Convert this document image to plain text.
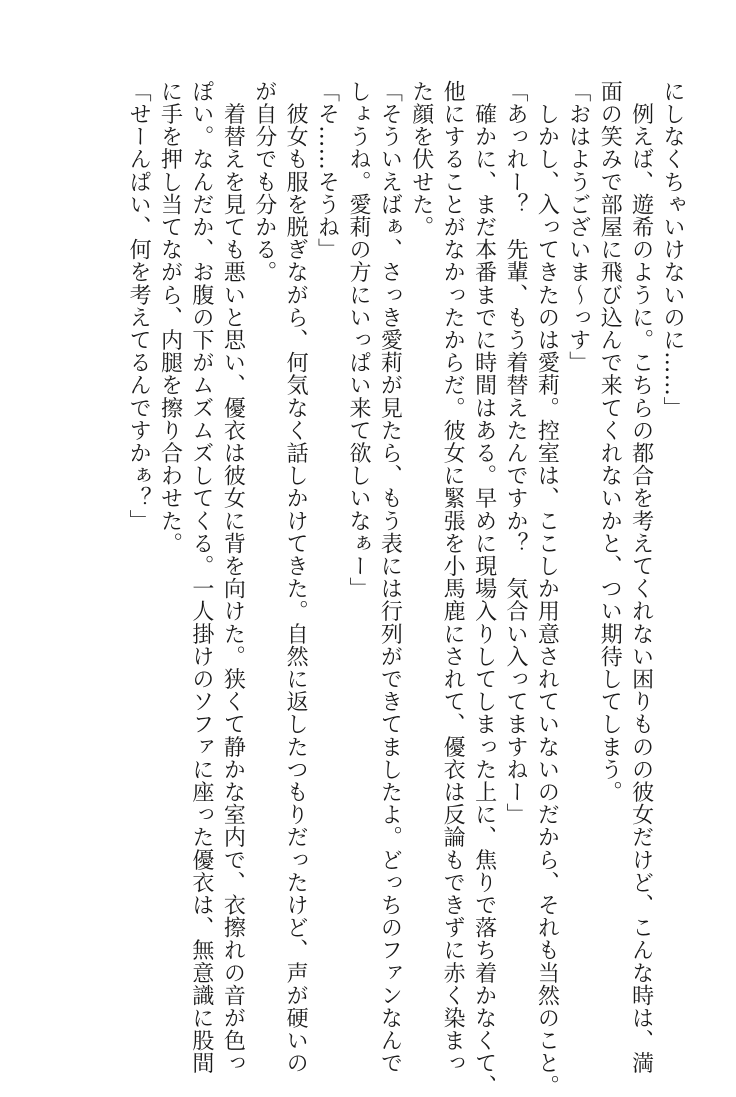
にしなくちゃいけないのに……」
　例えば、遊希のように。こちらの都合を考えてくれない困りものの彼女だけど、こんな時は、満
面の笑みで部屋に飛び込んで来てくれないかと、つい期待してしまう。
「おはようございま～っす」
　しかし、入ってきたのは愛莉。控室は、ここしか用意されていないのだから、それも当然のこと。
「あっれー？　先輩、もう着替えたんですか？　気合い入ってますねー」
　確かに、まだ本番までに時間はある。早めに現場入りしてしまった上に、焦りで落ち着かなくて、
他にすることがなかったからだ。彼女に緊張を小馬鹿にされて、優衣は反論もできずに赤く染まっ
た顔を伏せた。
「そういえばぁ、さっき愛莉が見たら、もう表には行列ができてましたよ。どっちのファンなんで
しょうね。愛莉の方にいっぱい来て欲しいなぁー」
「そ……そうね」
　彼女も服を脱ぎながら、何気なく話しかけてきた。自然に返したつもりだったけど、声が硬いの
が自分でも分かる。
　着替えを見ても悪いと思い、優衣は彼女に背を向けた。狭くて静かな室内で、衣擦れの音が色っ
ぽい。なんだか、お腹の下がムズムズしてくる。一人掛けのソファに座った優衣は、無意識に股間
に手を押し当てながら、内腿を擦り合わせた。
「せーんぱい、何を考えてるんですかぁ？」
